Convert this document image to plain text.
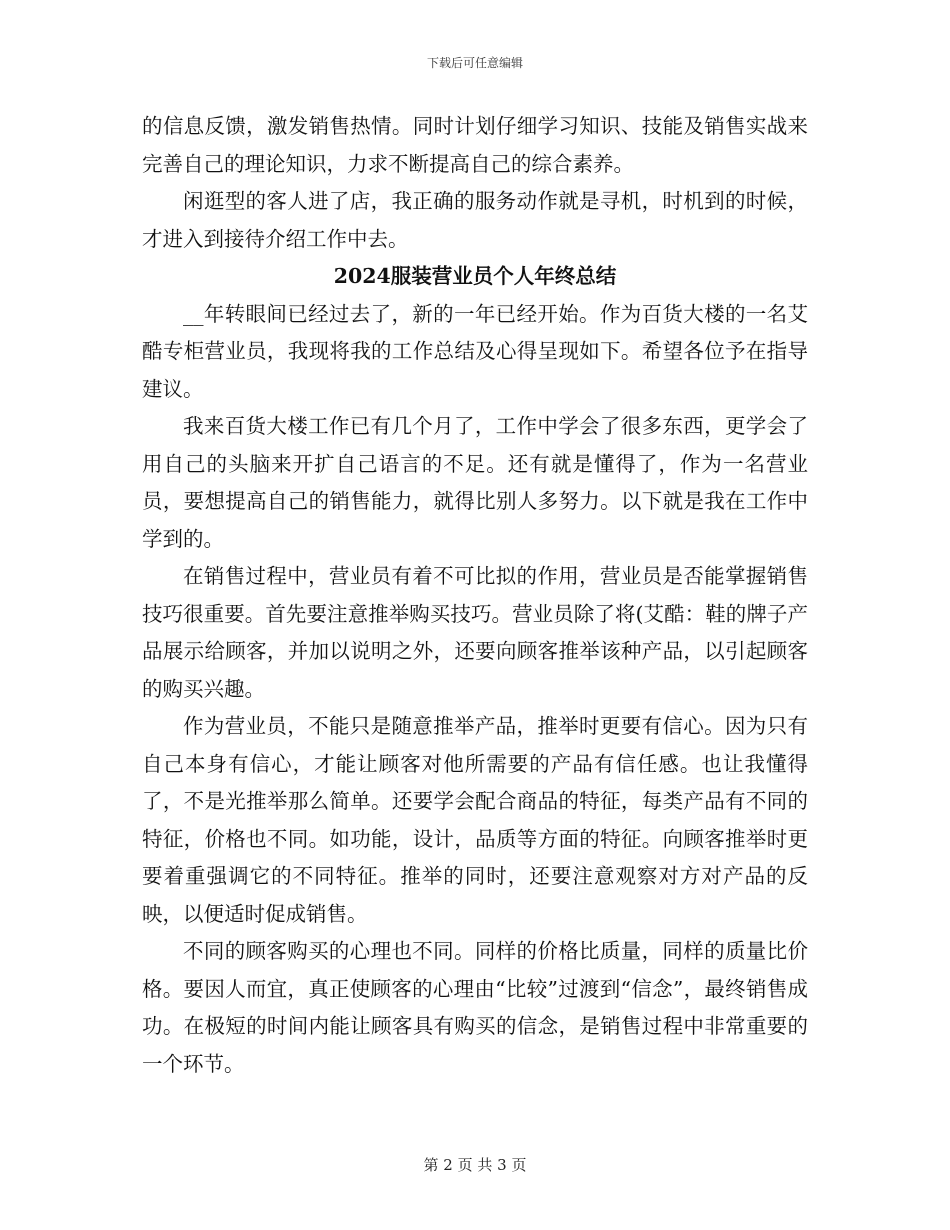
下载后可任意编辑

的信息反馈，激发销售热情。同时计划仔细学习知识、技能及销售实战来完善自己的理论知识，力求不断提高自己的综合素养。

闲逛型的客人进了店，我正确的服务动作就是寻机，时机到的时候，才进入到接待介绍工作中去。

2024服装营业员个人年终总结

__年转眼间已经过去了，新的一年已经开始。作为百货大楼的一名艾酷专柜营业员，我现将我的工作总结及心得呈现如下。希望各位予在指导建议。

我来百货大楼工作已有几个月了，工作中学会了很多东西，更学会了用自己的头脑来开扩自己语言的不足。还有就是懂得了，作为一名营业员，要想提高自己的销售能力，就得比别人多努力。以下就是我在工作中学到的。

在销售过程中，营业员有着不可比拟的作用，营业员是否能掌握销售技巧很重要。首先要注意推举购买技巧。营业员除了将(艾酷：鞋的牌子产品展示给顾客，并加以说明之外，还要向顾客推举该种产品，以引起顾客的购买兴趣。

作为营业员，不能只是随意推举产品，推举时更要有信心。因为只有自己本身有信心，才能让顾客对他所需要的产品有信任感。也让我懂得了，不是光推举那么简单。还要学会配合商品的特征，每类产品有不同的特征，价格也不同。如功能，设计，品质等方面的特征。向顾客推举时更要着重强调它的不同特征。推举的同时，还要注意观察对方对产品的反映，以便适时促成销售。

不同的顾客购买的心理也不同。同样的价格比质量，同样的质量比价格。要因人而宜，真正使顾客的心理由“比较”过渡到“信念”，最终销售成功。在极短的时间内能让顾客具有购买的信念，是销售过程中非常重要的一个环节。

第 2 页 共 3 页
